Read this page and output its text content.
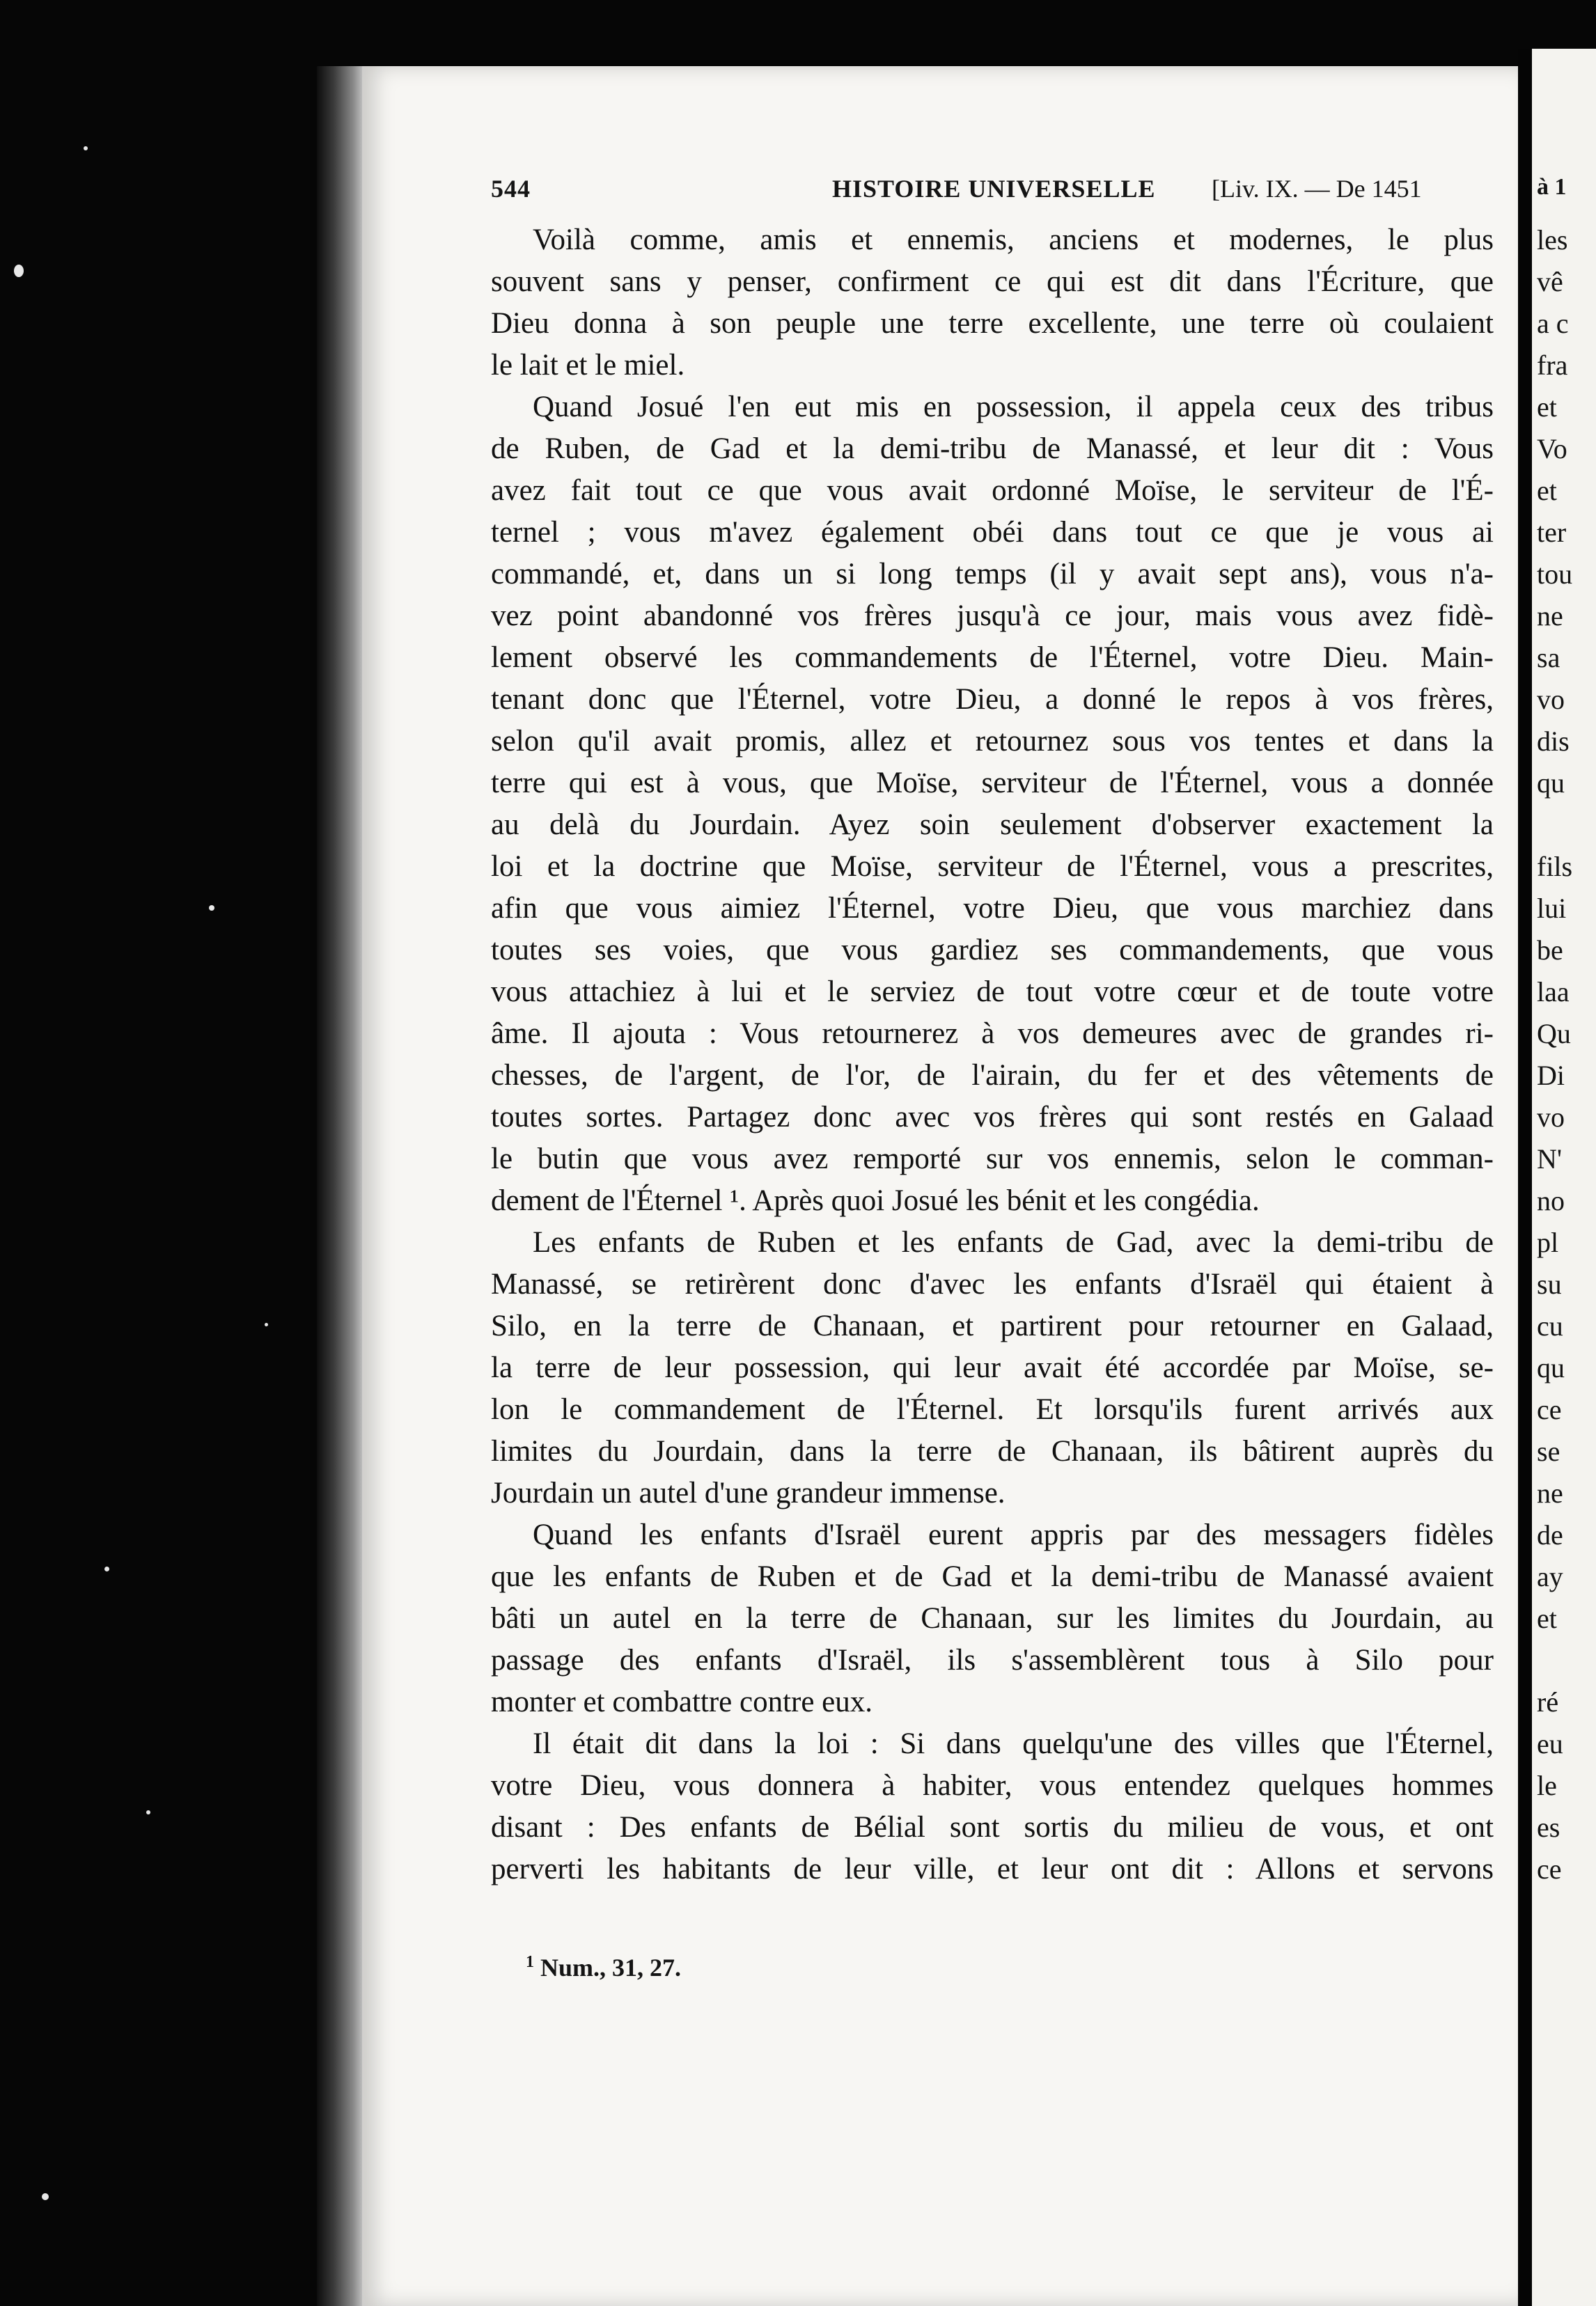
544	HISTOIRE UNIVERSELLE [Liv. IX. — De 1451
Voilà comme, amis et ennemis, anciens et modernes, le plus
souvent sans y penser, confirment ce qui est dit dans l'Écriture, que
Dieu donna à son peuple une terre excellente, une terre où coulaient
le lait et le miel.
Quand Josué l'en eut mis en possession, il appela ceux des tribus
de Ruben, de Gad et la demi-tribu de Manassé, et leur dit : Vous
avez fait tout ce que vous avait ordonné Moïse, le serviteur de l'É-
ternel ; vous m'avez également obéi dans tout ce que je vous ai
commandé, et, dans un si long temps (il y avait sept ans), vous n'a-
vez point abandonné vos frères jusqu'à ce jour, mais vous avez fidè-
lement observé les commandements de l'Éternel, votre Dieu. Main-
tenant donc que l'Éternel, votre Dieu, a donné le repos à vos frères,
selon qu'il avait promis, allez et retournez sous vos tentes et dans la
terre qui est à vous, que Moïse, serviteur de l'Éternel, vous a donnée
au delà du Jourdain. Ayez soin seulement d'observer exactement la
loi et la doctrine que Moïse, serviteur de l'Éternel, vous a prescrites,
afin que vous aimiez l'Éternel, votre Dieu, que vous marchiez dans
toutes ses voies, que vous gardiez ses commandements, que vous
vous attachiez à lui et le serviez de tout votre cœur et de toute votre
âme. Il ajouta : Vous retournerez à vos demeures avec de grandes ri-
chesses, de l'argent, de l'or, de l'airain, du fer et des vêtements de
toutes sortes. Partagez donc avec vos frères qui sont restés en Galaad
le butin que vous avez remporté sur vos ennemis, selon le comman-
dement de l'Éternel ¹. Après quoi Josué les bénit et les congédia.
Les enfants de Ruben et les enfants de Gad, avec la demi-tribu de
Manassé, se retirèrent donc d'avec les enfants d'Israël qui étaient à
Silo, en la terre de Chanaan, et partirent pour retourner en Galaad,
la terre de leur possession, qui leur avait été accordée par Moïse, se-
lon le commandement de l'Éternel. Et lorsqu'ils furent arrivés aux
limites du Jourdain, dans la terre de Chanaan, ils bâtirent auprès du
Jourdain un autel d'une grandeur immense.
Quand les enfants d'Israël eurent appris par des messagers fidèles
que les enfants de Ruben et de Gad et la demi-tribu de Manassé avaient
bâti un autel en la terre de Chanaan, sur les limites du Jourdain, au
passage des enfants d'Israël, ils s'assemblèrent tous à Silo pour
monter et combattre contre eux.
Il était dit dans la loi : Si dans quelqu'une des villes que l'Éternel,
votre Dieu, vous donnera à habiter, vous entendez quelques hommes
disant : Des enfants de Bélial sont sortis du milieu de vous, et ont
perverti les habitants de leur ville, et leur ont dit : Allons et servons
$^1$ Num., 31, 27.
à 1
les
vê
a c
fra
et
Vo
et
ter
tou
ne
sa
vo
dis
qu
fils
lui
be
laa
Qu
Di
vo
N'
no
pl
su
cu
qu
ce
se
ne
de
ay
et
ré
eu
le
es
ce
